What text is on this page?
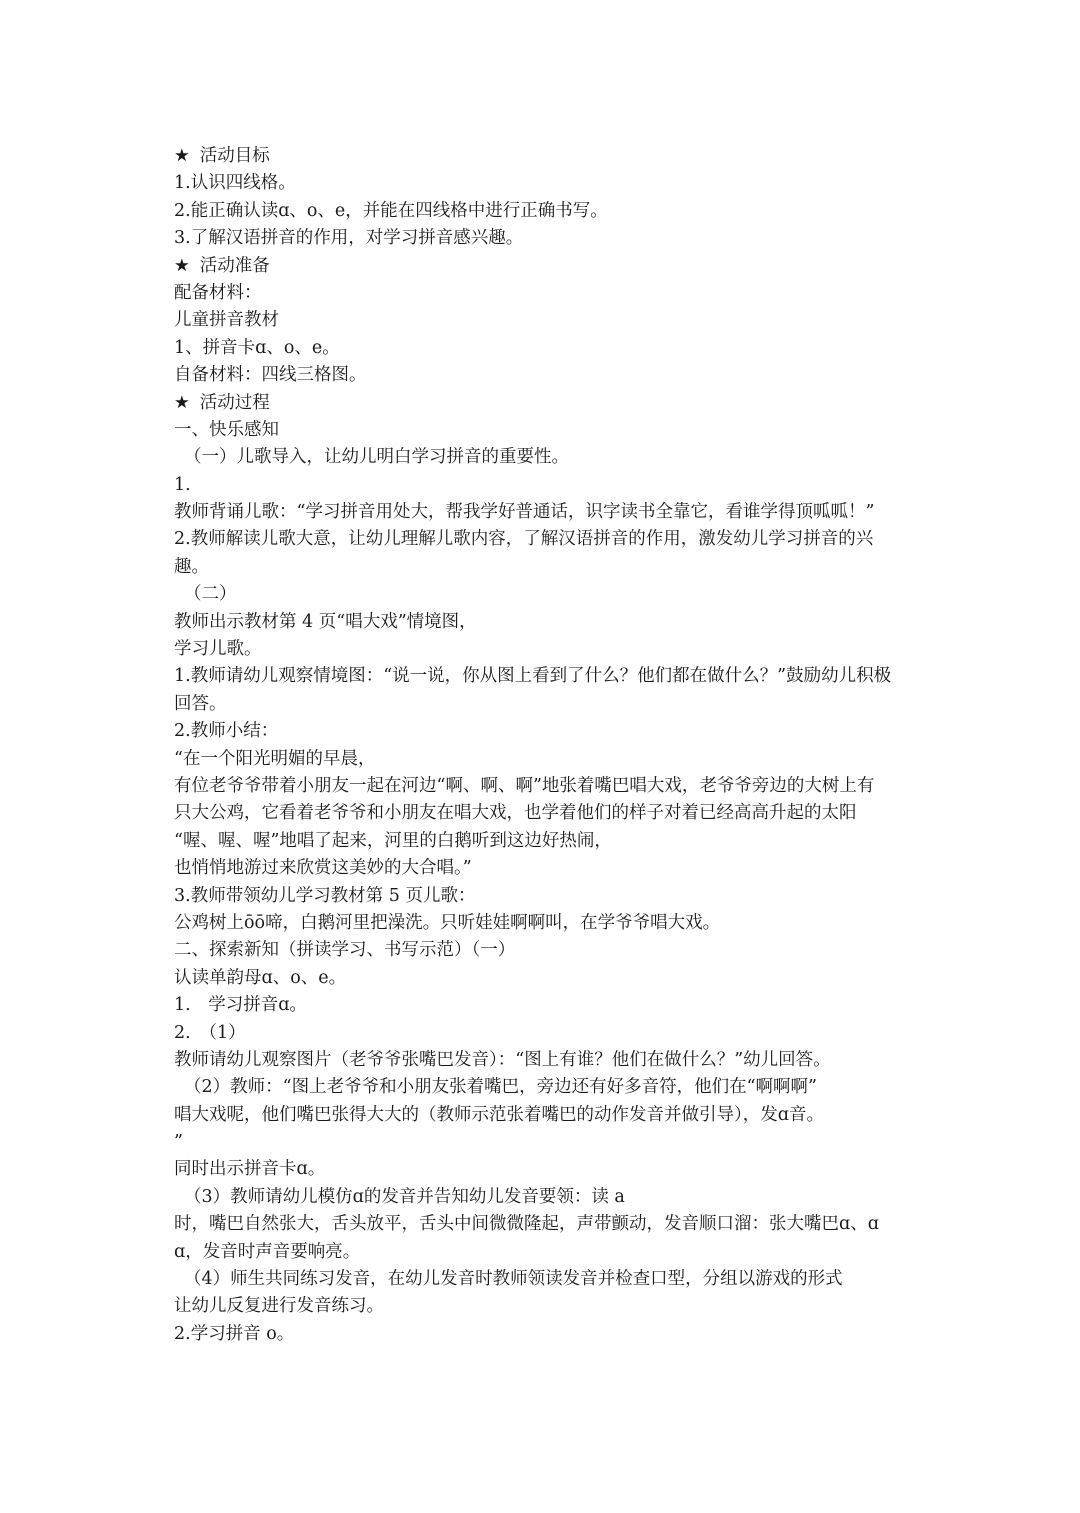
★ 活动目标
1.认识四线格。
2.能正确认读ɑ、o、e，并能在四线格中进行正确书写。
3.了解汉语拼音的作用，对学习拼音感兴趣。
★ 活动准备
配备材料：
儿童拼音教材
1、拼音卡ɑ、o、e。
自备材料：四线三格图。
★ 活动过程
一、快乐感知
（一）儿歌导入，让幼儿明白学习拼音的重要性。
1.
教师背诵儿歌：“学习拼音用处大，帮我学好普通话，识字读书全靠它，看谁学得顶呱呱！”
2.教师解读儿歌大意，让幼儿理解儿歌内容，了解汉语拼音的作用，激发幼儿学习拼音的兴
趣。
（二）
教师出示教材第 4 页“唱大戏”情境图，
学习儿歌。
1.教师请幼儿观察情境图：“说一说，你从图上看到了什么？他们都在做什么？”鼓励幼儿积极
回答。
2.教师小结：
“在一个阳光明媚的早晨，
有位老爷爷带着小朋友一起在河边“啊、啊、啊”地张着嘴巴唱大戏，老爷爷旁边的大树上有
只大公鸡，它看着老爷爷和小朋友在唱大戏，也学着他们的样子对着已经高高升起的太阳
“喔、喔、喔”地唱了起来，河里的白鹅听到这边好热闹，
也悄悄地游过来欣赏这美妙的大合唱。”
3.教师带领幼儿学习教材第 5 页儿歌：
公鸡树上ōō啼，白鹅河里把澡洗。只听娃娃啊啊叫，在学爷爷唱大戏。
二、探索新知（拼读学习、书写示范）（一）
认读单韵母ɑ、o、e。
1.　学习拼音ɑ。
2.　（1）
教师请幼儿观察图片（老爷爷张嘴巴发音）：“图上有谁？他们在做什么？”幼儿回答。
（2）教师：“图上老爷爷和小朋友张着嘴巴，旁边还有好多音符，他们在“啊啊啊”
唱大戏呢，他们嘴巴张得大大的（教师示范张着嘴巴的动作发音并做引导），发ɑ音。
”
同时出示拼音卡ɑ。
（3）教师请幼儿模仿ɑ的发音并告知幼儿发音要领：读 a
时，嘴巴自然张大，舌头放平，舌头中间微微隆起，声带颤动，发音顺口溜：张大嘴巴ɑ、ɑ
ɑ，发音时声音要响亮。
（4）师生共同练习发音，在幼儿发音时教师领读发音并检查口型，分组以游戏的形式
让幼儿反复进行发音练习。
2.学习拼音 o。
